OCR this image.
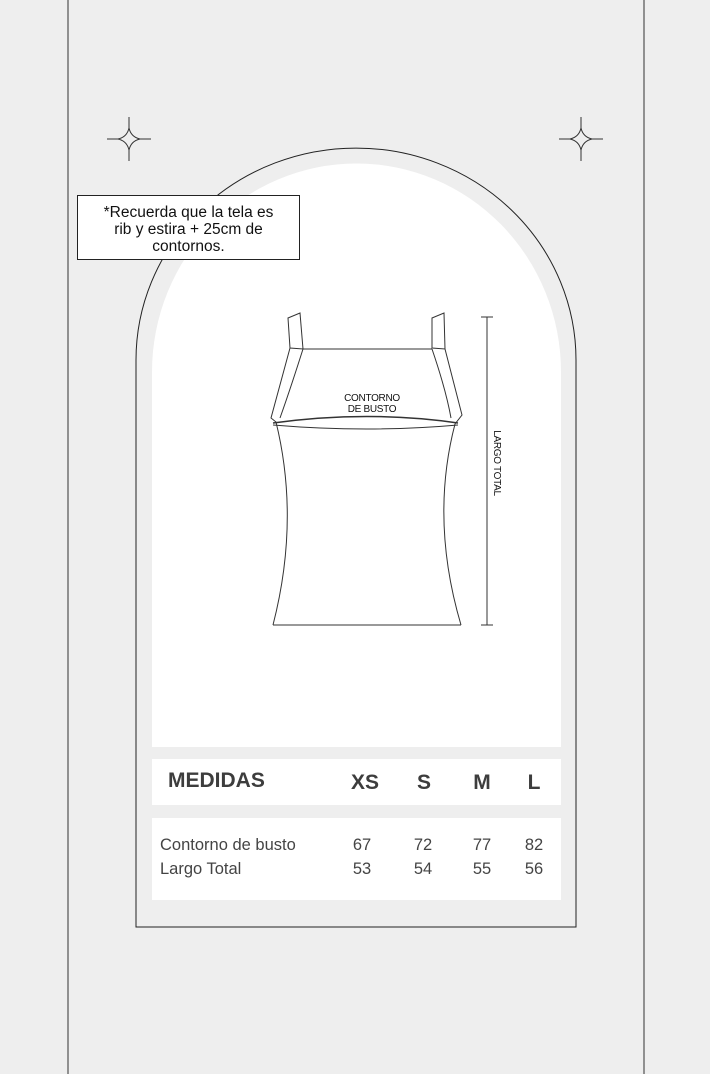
*Recuerda que la tela es
rib y estira + 25cm de
contornos.
CONTORNO
DE BUSTO
LARGO TOTAL
MEDIDAS	XS	S	M	L
Contorno de busto	67	72	77	82
Largo Total	53	54	55	56
